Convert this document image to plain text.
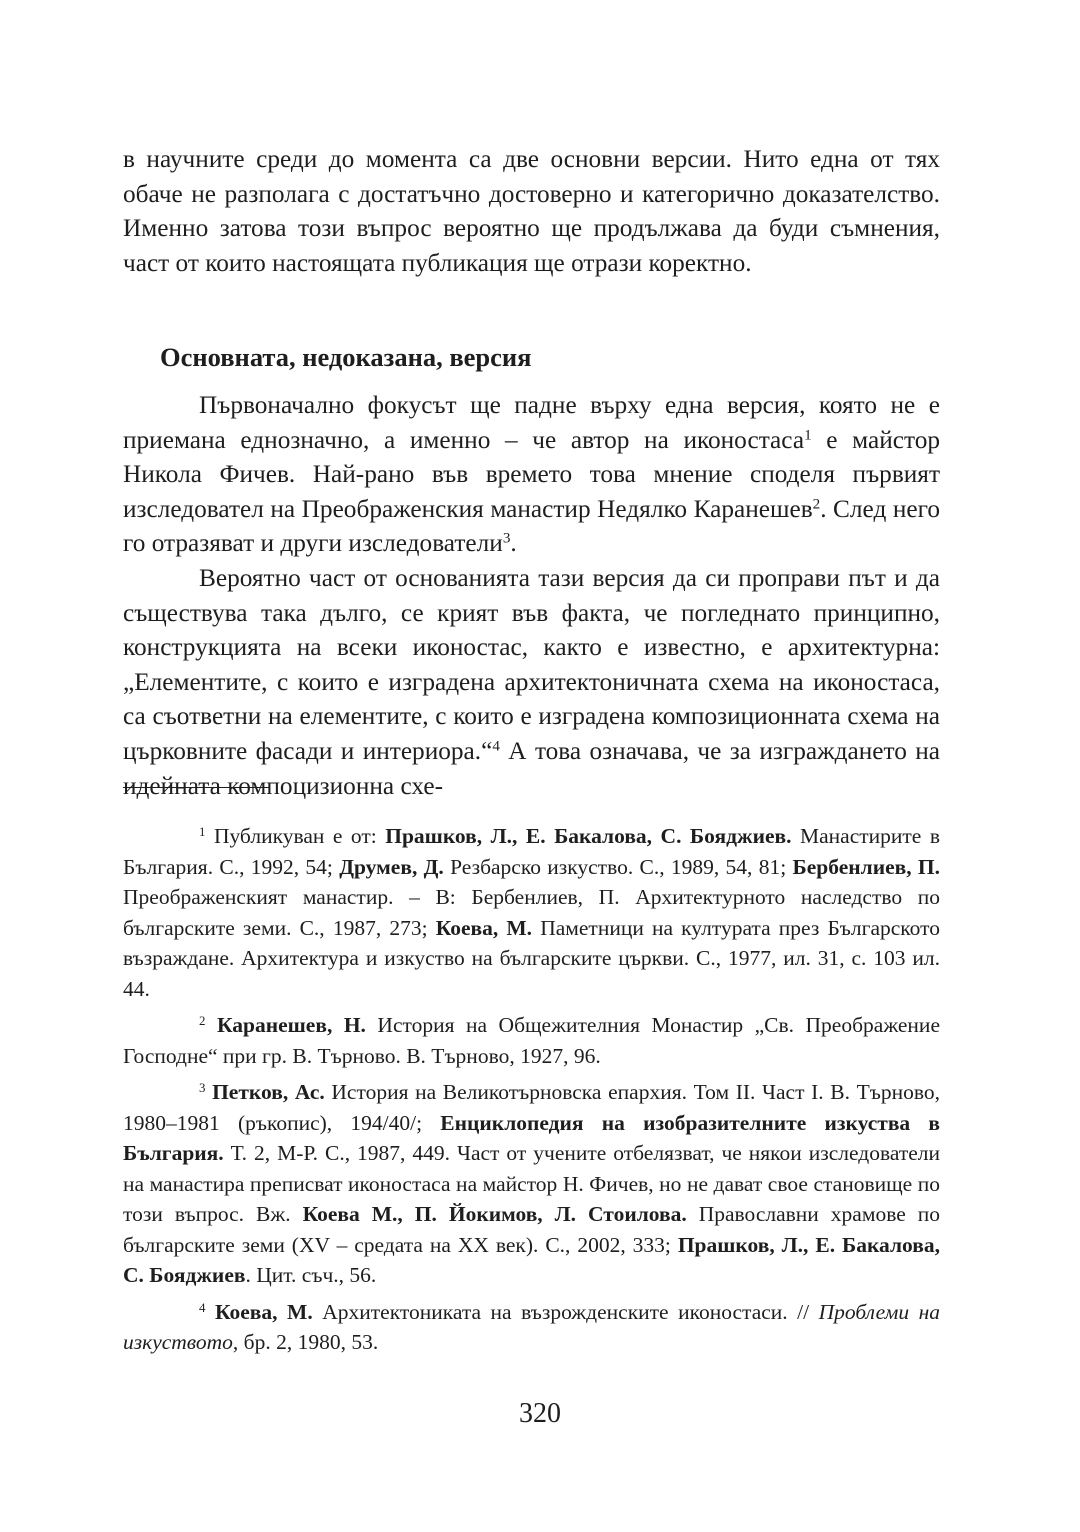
в научните среди до момента са две основни версии. Нито една от тях обаче не разполага с достатъчно достоверно и категорично доказателство. Именно затова този въпрос вероятно ще продължава да буди съмнения, част от които настоящата публикация ще отрази коректно.
Основната, недоказана, версия

Първоначално фокусът ще падне върху една версия, която не е приемана еднозначно, а именно – че автор на иконостаса$^1$ е майстор Никола Фичев. Най-рано във времето това мнение споделя първият изследовател на Преображенския манастир Недялко Каранешев$^2$. След него го отразяват и други изследователи$^3$.

Вероятно част от основанията тази версия да си проправи път и да съществува така дълго, се крият във факта, че погледнато принципно, конструкцията на всеки иконостас, както е известно, е архитектурна: „Елементите, с които е изградена архитектоничната схема на иконостаса, са съответни на елементите, с които е изградена композиционната схема на църковните фасади и интериора.“$^4$ А това означава, че за изграждането на идейната компоцизионна схе-

$^1$ Публикуван е от: Прашков, Л., Е. Бакалова, С. Бояджиев. Манастирите в България. С., 1992, 54; Друмев, Д. Резбарско изкуство. С., 1989, 54, 81; Бербенлиев, П. Преображенският манастир. – В: Бербенлиев, П. Архитектурното наследство по българските земи. С., 1987, 273; Коева, М. Паметници на културата през Българското възраждане. Архитектура и изкуство на българските църкви. С., 1977, ил. 31, с. 103 ил. 44.

$^2$ Каранешев, Н. История на Общежителния Монастир „Св. Преображение Господне“ при гр. В. Търново. В. Търново, 1927, 96.

$^3$ Петков, Ас. История на Великотърновска епархия. Том II. Част I. В. Търново, 1980–1981 (ръкопис), 194/40/; Енциклопедия на изобразителните изкуства в България. Т. 2, М-Р. С., 1987, 449. Част от учените отбелязват, че някои изследователи на манастира преписват иконостаса на майстор Н. Фичев, но не дават свое становище по този въпрос. Вж. Коева М., П. Йокимов, Л. Стоилова. Православни храмове по българските земи (XV – средата на XX век). С., 2002, 333; Прашков, Л., Е. Бакалова, С. Бояджиев. Цит. съч., 56.

$^4$ Коева, М. Архитектониката на възрожденските иконостаси. // Проблеми на изкуството, бр. 2, 1980, 53.

320
